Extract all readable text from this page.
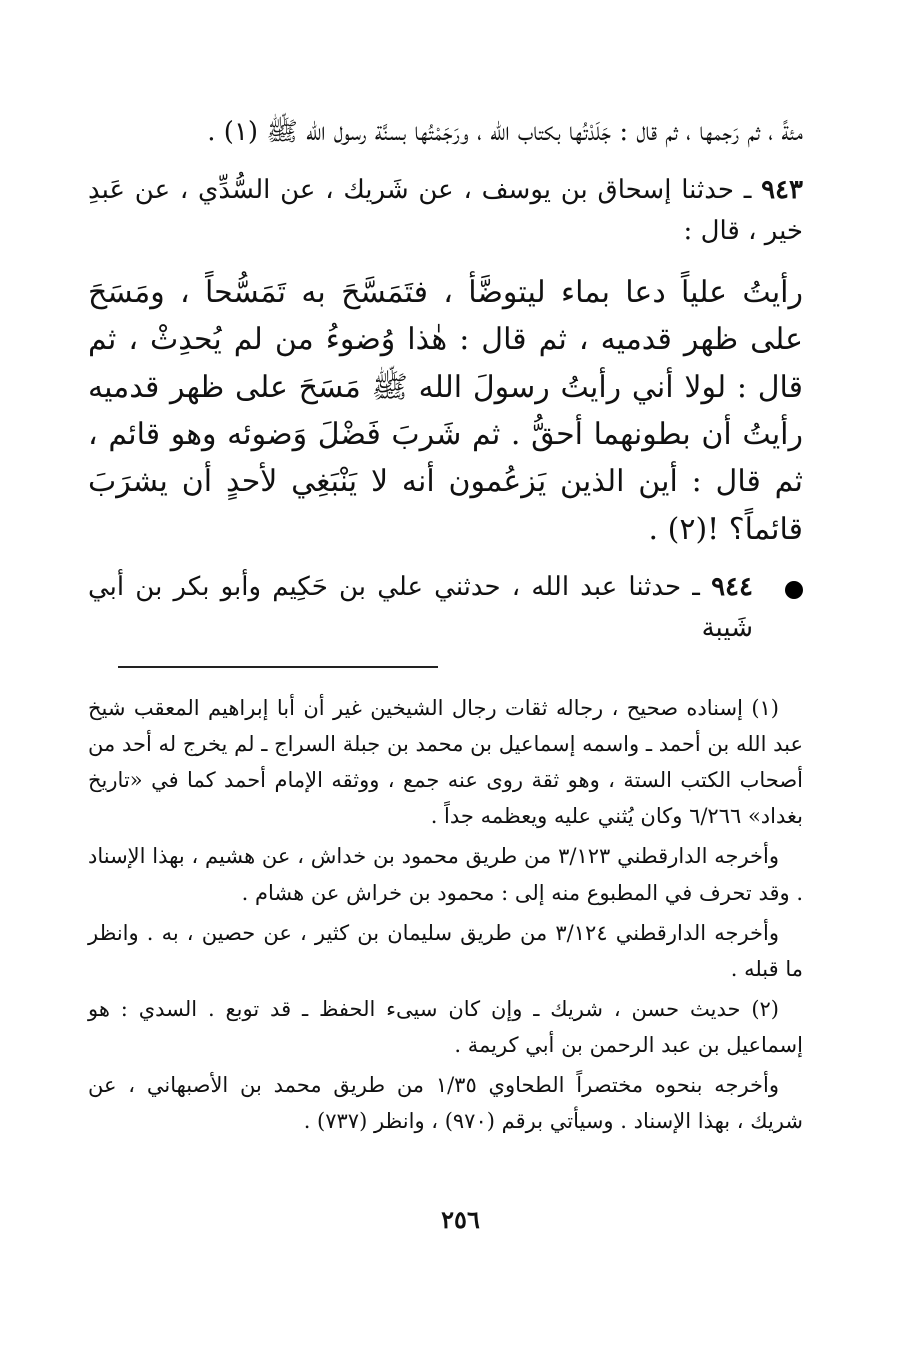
مئةً ، ثم رَجمها ، ثم قال : جَلَدْتُها بكتاب الله ، ورَجَمْتُها بسنَّة رسول الله ﷺ (١) .

٩٤٣ ـ حدثنا إسحاق بن يوسف ، عن شَريك ، عن السُّدِّي ، عن عَبدِ خير ، قال :

رأيتُ علياً دعا بماء ليتوضَّأ ، فتَمَسَّحَ به تَمَسُّحاً ، ومَسَحَ على ظهر قدميه ، ثم قال : هٰذا وُضوءُ من لم يُحدِثْ ، ثم قال : لولا أني رأيتُ رسولَ الله ﷺ مَسَحَ على ظهر قدميه رأيتُ أن بطونهما أحقُّ . ثم شَربَ فَضْلَ وَضوئه وهو قائم ، ثم قال : أين الذين يَزعُمون أنه لا يَنْبَغِي لأحدٍ أن يشرَبَ قائماً؟ !(٢) .

٩٤٤ ـ حدثنا عبد الله ، حدثني علي بن حَكِيم وأبو بكر بن أبي شَيبة

(١) إسناده صحيح ، رجاله ثقات رجال الشيخين غير أن أبا إبراهيم المعقب شيخ عبد الله بن أحمد ـ واسمه إسماعيل بن محمد بن جبلة السراج ـ لم يخرج له أحد من أصحاب الكتب الستة ، وهو ثقة روى عنه جمع ، ووثقه الإمام أحمد كما في «تاريخ بغداد» ٦/٢٦٦ وكان يُثني عليه ويعظمه جداً .

وأخرجه الدارقطني ٣/١٢٣ من طريق محمود بن خداش ، عن هشيم ، بهذا الإسناد . وقد تحرف في المطبوع منه إلى : محمود بن خراش عن هشام .

وأخرجه الدارقطني ٣/١٢٤ من طريق سليمان بن كثير ، عن حصين ، به . وانظر ما قبله .

(٢) حديث حسن ، شريك ـ وإن كان سيىء الحفظ ـ قد توبع . السدي : هو إسماعيل بن عبد الرحمن بن أبي كريمة .

وأخرجه بنحوه مختصراً الطحاوي ١/٣٥ من طريق محمد بن الأصبهاني ، عن شريك ، بهذا الإسناد . وسيأتي برقم (٩٧٠) ، وانظر (٧٣٧) .

٢٥٦
